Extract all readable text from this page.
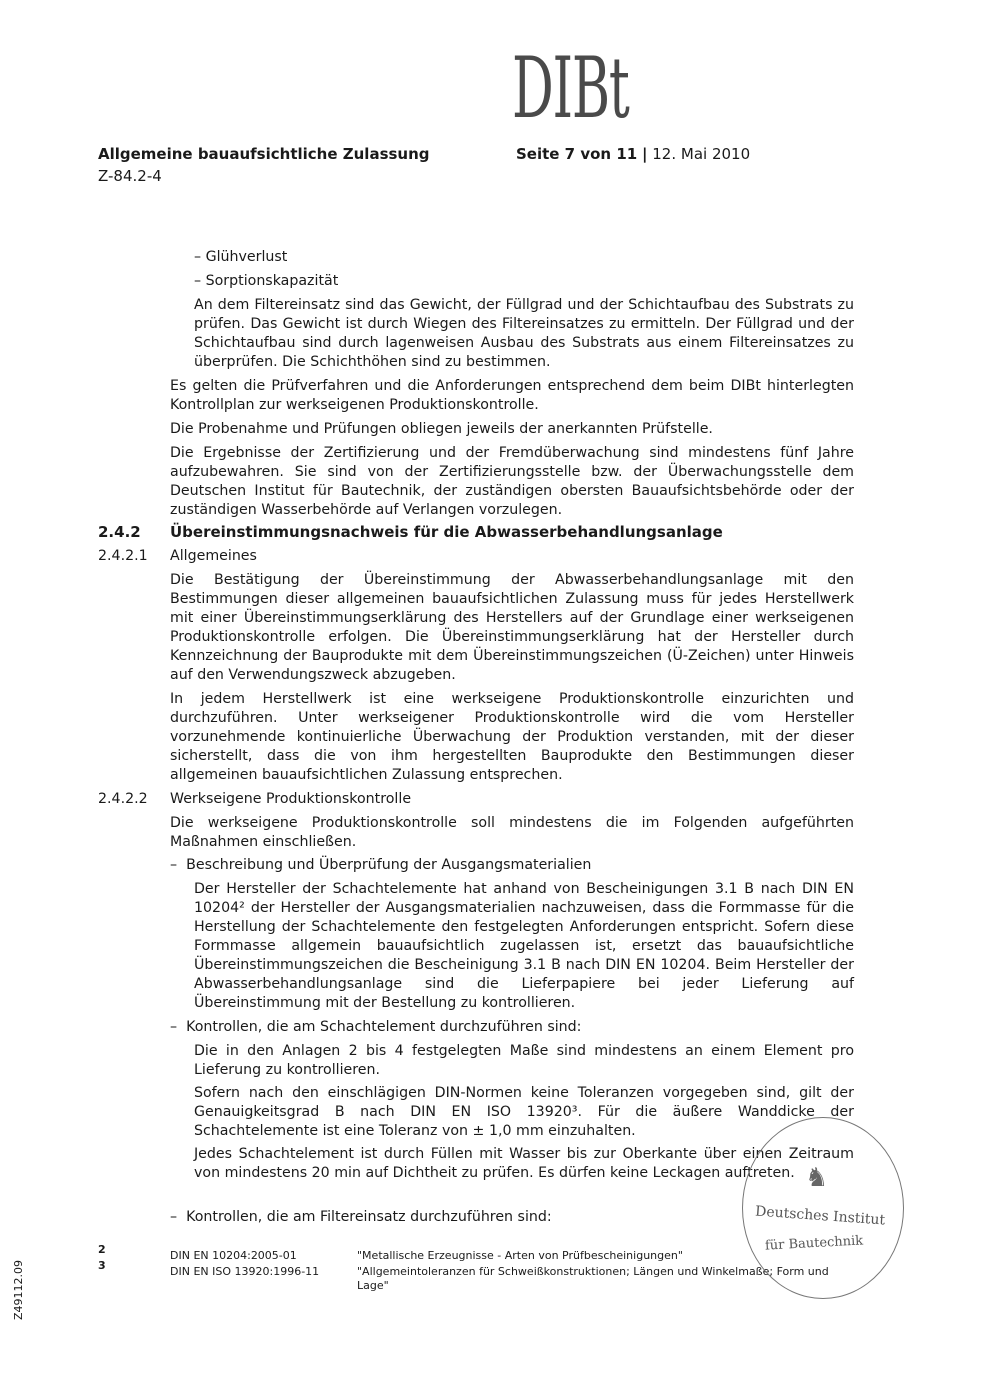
DIBt
Allgemeine bauaufsichtliche Zulassung
Z-84.2-4
Seite 7 von 11 | 12. Mai 2010
– Glühverlust
– Sorptionskapazität
An dem Filtereinsatz sind das Gewicht, der Füllgrad und der Schichtaufbau des Substrats zu prüfen. Das Gewicht ist durch Wiegen des Filtereinsatzes zu ermitteln. Der Füllgrad und der Schichtaufbau sind durch lagenweisen Ausbau des Substrats aus einem Filtereinsatzes zu überprüfen. Die Schichthöhen sind zu bestimmen.
Es gelten die Prüfverfahren und die Anforderungen entsprechend dem beim DIBt hinterlegten Kontrollplan zur werkseigenen Produktionskontrolle.
Die Probenahme und Prüfungen obliegen jeweils der anerkannten Prüfstelle.
Die Ergebnisse der Zertifizierung und der Fremdüberwachung sind mindestens fünf Jahre aufzubewahren. Sie sind von der Zertifizierungsstelle bzw. der Überwachungsstelle dem Deutschen Institut für Bautechnik, der zuständigen obersten Bauaufsichtsbehörde oder der zuständigen Wasserbehörde auf Verlangen vorzulegen.
2.4.2 Übereinstimmungsnachweis für die Abwasserbehandlungsanlage
2.4.2.1 Allgemeines
Die Bestätigung der Übereinstimmung der Abwasserbehandlungsanlage mit den Bestimmungen dieser allgemeinen bauaufsichtlichen Zulassung muss für jedes Herstellwerk mit einer Übereinstimmungserklärung des Herstellers auf der Grundlage einer werkseigenen Produktionskontrolle erfolgen. Die Übereinstimmungserklärung hat der Hersteller durch Kennzeichnung der Bauprodukte mit dem Übereinstimmungszeichen (Ü-Zeichen) unter Hinweis auf den Verwendungszweck abzugeben.
In jedem Herstellwerk ist eine werkseigene Produktionskontrolle einzurichten und durchzuführen. Unter werkseigener Produktionskontrolle wird die vom Hersteller vorzunehmende kontinuierliche Überwachung der Produktion verstanden, mit der dieser sicherstellt, dass die von ihm hergestellten Bauprodukte den Bestimmungen dieser allgemeinen bauaufsichtlichen Zulassung entsprechen.
2.4.2.2 Werkseigene Produktionskontrolle
Die werkseigene Produktionskontrolle soll mindestens die im Folgenden aufgeführten Maßnahmen einschließen.
– Beschreibung und Überprüfung der Ausgangsmaterialien
Der Hersteller der Schachtelemente hat anhand von Bescheinigungen 3.1 B nach DIN EN 10204² der Hersteller der Ausgangsmaterialien nachzuweisen, dass die Formmasse für die Herstellung der Schachtelemente den festgelegten Anforderungen entspricht. Sofern diese Formmasse allgemein bauaufsichtlich zugelassen ist, ersetzt das bauaufsichtliche Übereinstimmungszeichen die Bescheinigung 3.1 B nach DIN EN 10204. Beim Hersteller der Abwasserbehandlungsanlage sind die Lieferpapiere bei jeder Lieferung auf Übereinstimmung mit der Bestellung zu kontrollieren.
– Kontrollen, die am Schachtelement durchzuführen sind:
Die in den Anlagen 2 bis 4 festgelegten Maße sind mindestens an einem Element pro Lieferung zu kontrollieren.
Sofern nach den einschlägigen DIN-Normen keine Toleranzen vorgegeben sind, gilt der Genauigkeitsgrad B nach DIN EN ISO 13920³. Für die äußere Wanddicke der Schachtelemente ist eine Toleranz von ± 1,0 mm einzuhalten.
Jedes Schachtelement ist durch Füllen mit Wasser bis zur Oberkante über einen Zeitraum von mindestens 20 min auf Dichtheit zu prüfen. Es dürfen keine Leckagen auftreten.
– Kontrollen, die am Filtereinsatz durchzuführen sind:
2	DIN EN 10204:2005-01	"Metallische Erzeugnisse - Arten von Prüfbescheinigungen"
3	DIN EN ISO 13920:1996-11	"Allgemeintoleranzen für Schweißkonstruktionen; Längen und Winkelmaße; Form und Lage"
♞
Deutsches Institut
für Bautechnik
Z49112.09
